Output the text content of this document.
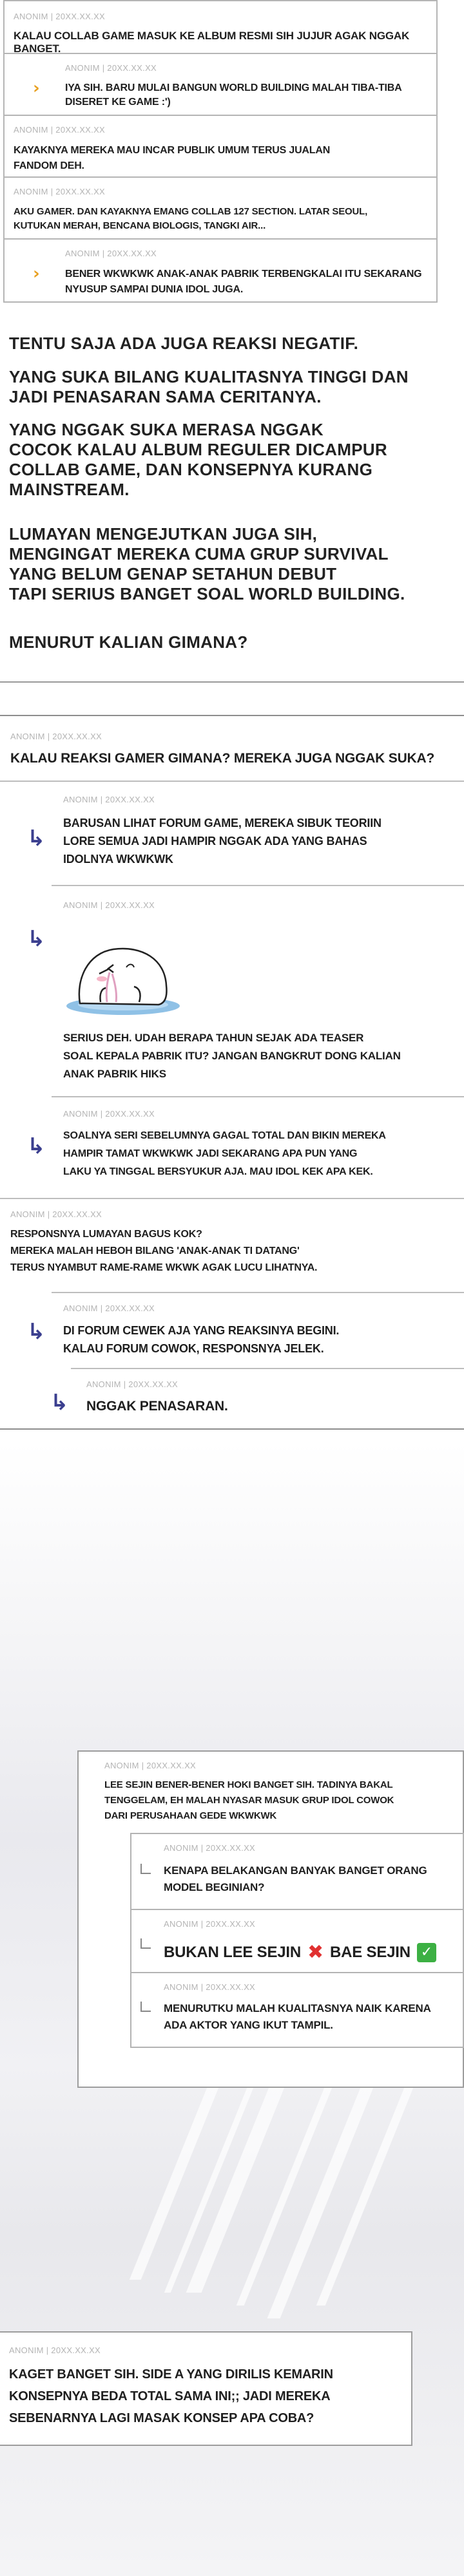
ANONIM | 20XX.XX.XX
KALAU COLLAB GAME MASUK KE ALBUM RESMI SIH JUJUR AGAK NGGAK BANGET.
›
ANONIM | 20XX.XX.XX
IYA SIH. BARU MULAI BANGUN WORLD BUILDING MALAH TIBA-TIBA
DISERET KE GAME :')
ANONIM | 20XX.XX.XX
KAYAKNYA MEREKA MAU INCAR PUBLIK UMUM TERUS JUALAN
FANDOM DEH.
ANONIM | 20XX.XX.XX
AKU GAMER. DAN KAYAKNYA EMANG COLLAB 127 SECTION. LATAR SEOUL,
KUTUKAN MERAH, BENCANA BIOLOGIS, TANGKI AIR...
›
ANONIM | 20XX.XX.XX
BENER WKWKWK ANAK-ANAK PABRIK TERBENGKALAI ITU SEKARANG
NYUSUP SAMPAI DUNIA IDOL JUGA.
TENTU SAJA ADA JUGA REAKSI NEGATIF.
YANG SUKA BILANG KUALITASNYA TINGGI DAN
JADI PENASARAN SAMA CERITANYA.
YANG NGGAK SUKA MERASA NGGAK
COCOK KALAU ALBUM REGULER DICAMPUR
COLLAB GAME, DAN KONSEPNYA KURANG
MAINSTREAM.
LUMAYAN MENGEJUTKAN JUGA SIH,
MENGINGAT MEREKA CUMA GRUP SURVIVAL
YANG BELUM GENAP SETAHUN DEBUT
TAPI SERIUS BANGET SOAL WORLD BUILDING.
MENURUT KALIAN GIMANA?
ANONIM | 20XX.XX.XX
KALAU REAKSI GAMER GIMANA? MEREKA JUGA NGGAK SUKA?
↳
ANONIM | 20XX.XX.XX
BARUSAN LIHAT FORUM GAME, MEREKA SIBUK TEORIIN
LORE SEMUA JADI HAMPIR NGGAK ADA YANG BAHAS
IDOLNYA WKWKWK
↳
ANONIM | 20XX.XX.XX
SERIUS DEH. UDAH BERAPA TAHUN SEJAK ADA TEASER
SOAL KEPALA PABRIK ITU? JANGAN BANGKRUT DONG KALIAN
ANAK PABRIK HIKS
↳
ANONIM | 20XX.XX.XX
SOALNYA SERI SEBELUMNYA GAGAL TOTAL DAN BIKIN MEREKA
HAMPIR TAMAT WKWKWK JADI SEKARANG APA PUN YANG
LAKU YA TINGGAL BERSYUKUR AJA. MAU IDOL KEK APA KEK.
ANONIM | 20XX.XX.XX
RESPONSNYA LUMAYAN BAGUS KOK?
MEREKA MALAH HEBOH BILANG 'ANAK-ANAK TI DATANG'
TERUS NYAMBUT RAME-RAME WKWK AGAK LUCU LIHATNYA.
↳
ANONIM | 20XX.XX.XX
DI FORUM CEWEK AJA YANG REAKSINYA BEGINI.
KALAU FORUM COWOK, RESPONSNYA JELEK.
↳
ANONIM | 20XX.XX.XX
NGGAK PENASARAN.
ANONIM | 20XX.XX.XX
LEE SEJIN BENER-BENER HOKI BANGET SIH. TADINYA BAKAL
TENGGELAM, EH MALAH NYASAR MASUK GRUP IDOL COWOK
DARI PERUSAHAAN GEDE WKWKWK
ANONIM | 20XX.XX.XX
KENAPA BELAKANGAN BANYAK BANGET ORANG
MODEL BEGINIAN?
ANONIM | 20XX.XX.XX
BUKAN LEE SEJIN ✖ BAE SEJIN ✓
ANONIM | 20XX.XX.XX
MENURUTKU MALAH KUALITASNYA NAIK KARENA
ADA AKTOR YANG IKUT TAMPIL.
ANONIM | 20XX.XX.XX
KAGET BANGET SIH. SIDE A YANG DIRILIS KEMARIN
KONSEPNYA BEDA TOTAL SAMA INI;; JADI MEREKA
SEBENARNYA LAGI MASAK KONSEP APA COBA?
